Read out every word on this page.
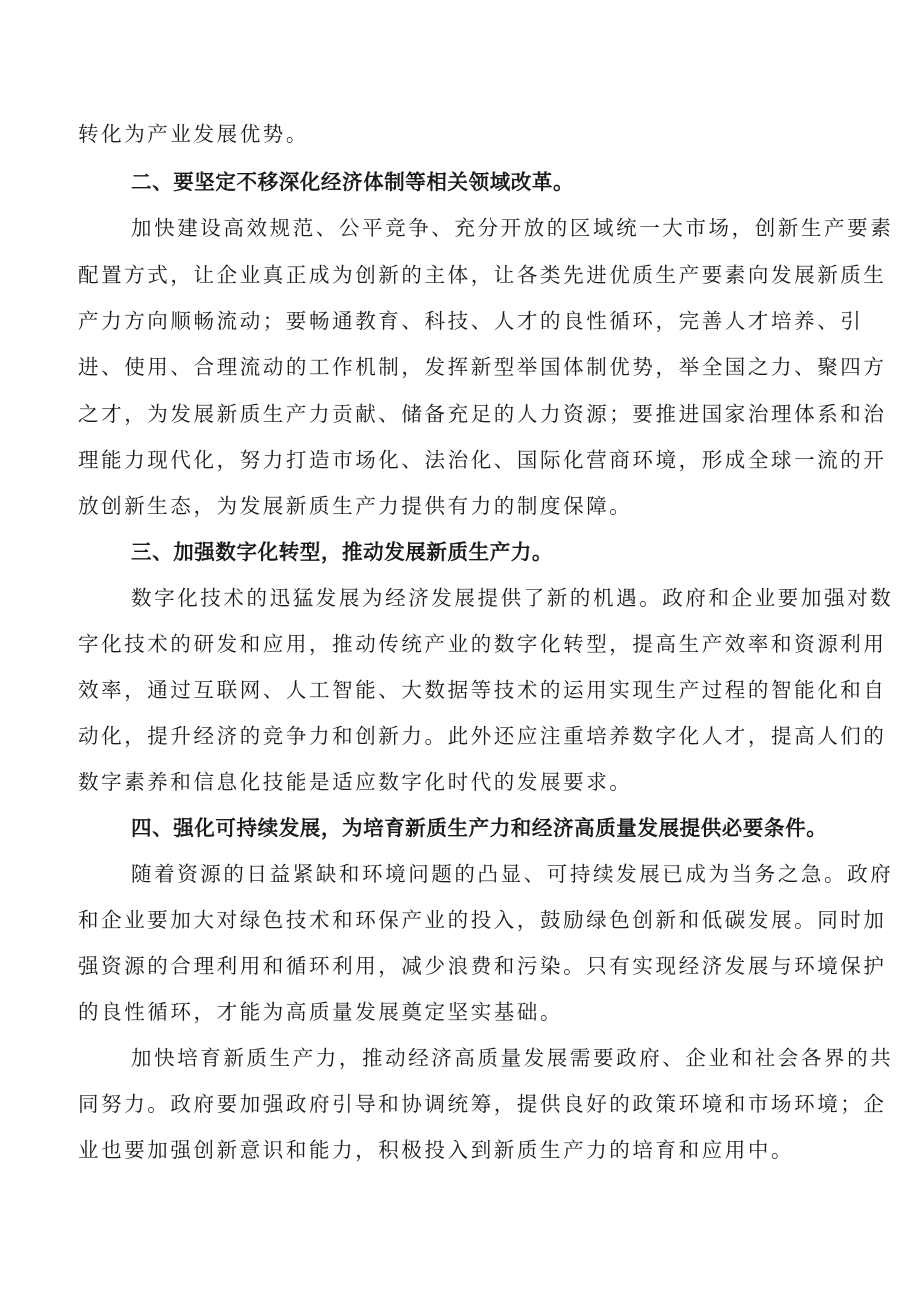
转化为产业发展优势。
二、要坚定不移深化经济体制等相关领域改革。
加快建设高效规范、公平竞争、充分开放的区域统一大市场，创新生产要素
配置方式，让企业真正成为创新的主体，让各类先进优质生产要素向发展新质生
产力方向顺畅流动；要畅通教育、科技、人才的良性循环，完善人才培养、引
进、使用、合理流动的工作机制，发挥新型举国体制优势，举全国之力、聚四方
之才，为发展新质生产力贡献、储备充足的人力资源；要推进国家治理体系和治
理能力现代化，努力打造市场化、法治化、国际化营商环境，形成全球一流的开
放创新生态，为发展新质生产力提供有力的制度保障。
三、加强数字化转型，推动发展新质生产力。
数字化技术的迅猛发展为经济发展提供了新的机遇。政府和企业要加强对数
字化技术的研发和应用，推动传统产业的数字化转型，提高生产效率和资源利用
效率，通过互联网、人工智能、大数据等技术的运用实现生产过程的智能化和自
动化，提升经济的竞争力和创新力。此外还应注重培养数字化人才，提高人们的
数字素养和信息化技能是适应数字化时代的发展要求。
四、强化可持续发展，为培育新质生产力和经济高质量发展提供必要条件。
随着资源的日益紧缺和环境问题的凸显、可持续发展已成为当务之急。政府
和企业要加大对绿色技术和环保产业的投入，鼓励绿色创新和低碳发展。同时加
强资源的合理利用和循环利用，减少浪费和污染。只有实现经济发展与环境保护
的良性循环，才能为高质量发展奠定坚实基础。
加快培育新质生产力，推动经济高质量发展需要政府、企业和社会各界的共
同努力。政府要加强政府引导和协调统筹，提供良好的政策环境和市场环境；企
业也要加强创新意识和能力，积极投入到新质生产力的培育和应用中。
